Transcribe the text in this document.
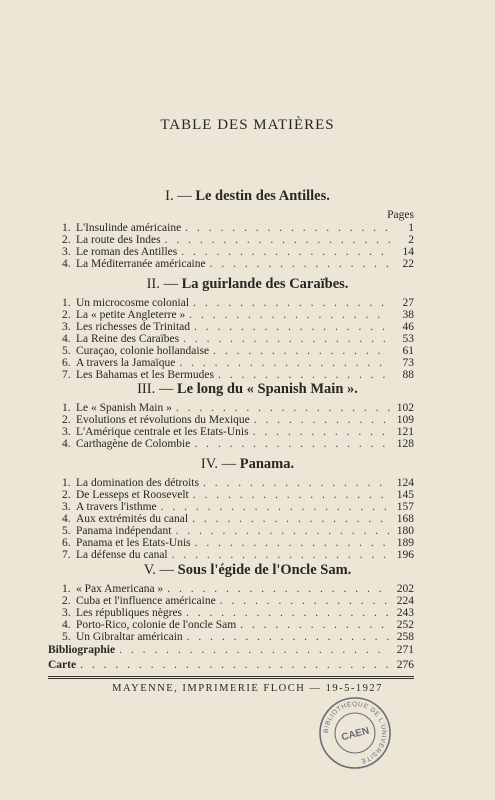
TABLE DES MATIÈRES
I. — Le destin des Antilles.
Pages
1. L'Insulinde américaine . . .	1
2. La route des Indes . . .	2
3. Le roman des Antilles . . .	14
4. La Méditerranée américaine . . .	22
II. — La guirlande des Caraïbes.
1. Un microcosme colonial . . .	27
2. La « petite Angleterre » . . .	38
3. Les richesses de Trinitad . . .	46
4. La Reine des Caraïbes . . .	53
5. Curaçao, colonie hollandaise . . .	61
6. A travers la Jamaïque . . .	73
7. Les Bahamas et les Bermudes . . .	88
III. — Le long du « Spanish Main ».
1. Le « Spanish Main » . . .	102
2. Evolutions et révolutions du Mexique . . .	109
3. L'Amérique centrale et les Etats-Unis . . .	121
4. Carthagène de Colombie . . .	128
IV. — Panama.
1. La domination des détroits . . .	124
2. De Lesseps et Roosevelt . . .	145
3. A travers l'isthme . . .	157
4. Aux extrémités du canal . . .	168
5. Panama indépendant . . .	180
6. Panama et les Etats-Unis . . .	189
7. La défense du canal . . .	196
V. — Sous l'égide de l'Oncle Sam.
1. « Pax Americana » . . .	202
2. Cuba et l'influence américaine . . .	224
3. Les républiques nègres . . .	243
4. Porto-Rico, colonie de l'oncle Sam . . .	252
5. Un Gibraltar américain . . .	258
Bibliographie . . .	271
Carte . . .	276
MAYENNE, IMPRIMERIE FLOCH — 19-5-1927
BIBLIOTHÈQUE DE L'UNIVERSITÉ
CAEN
